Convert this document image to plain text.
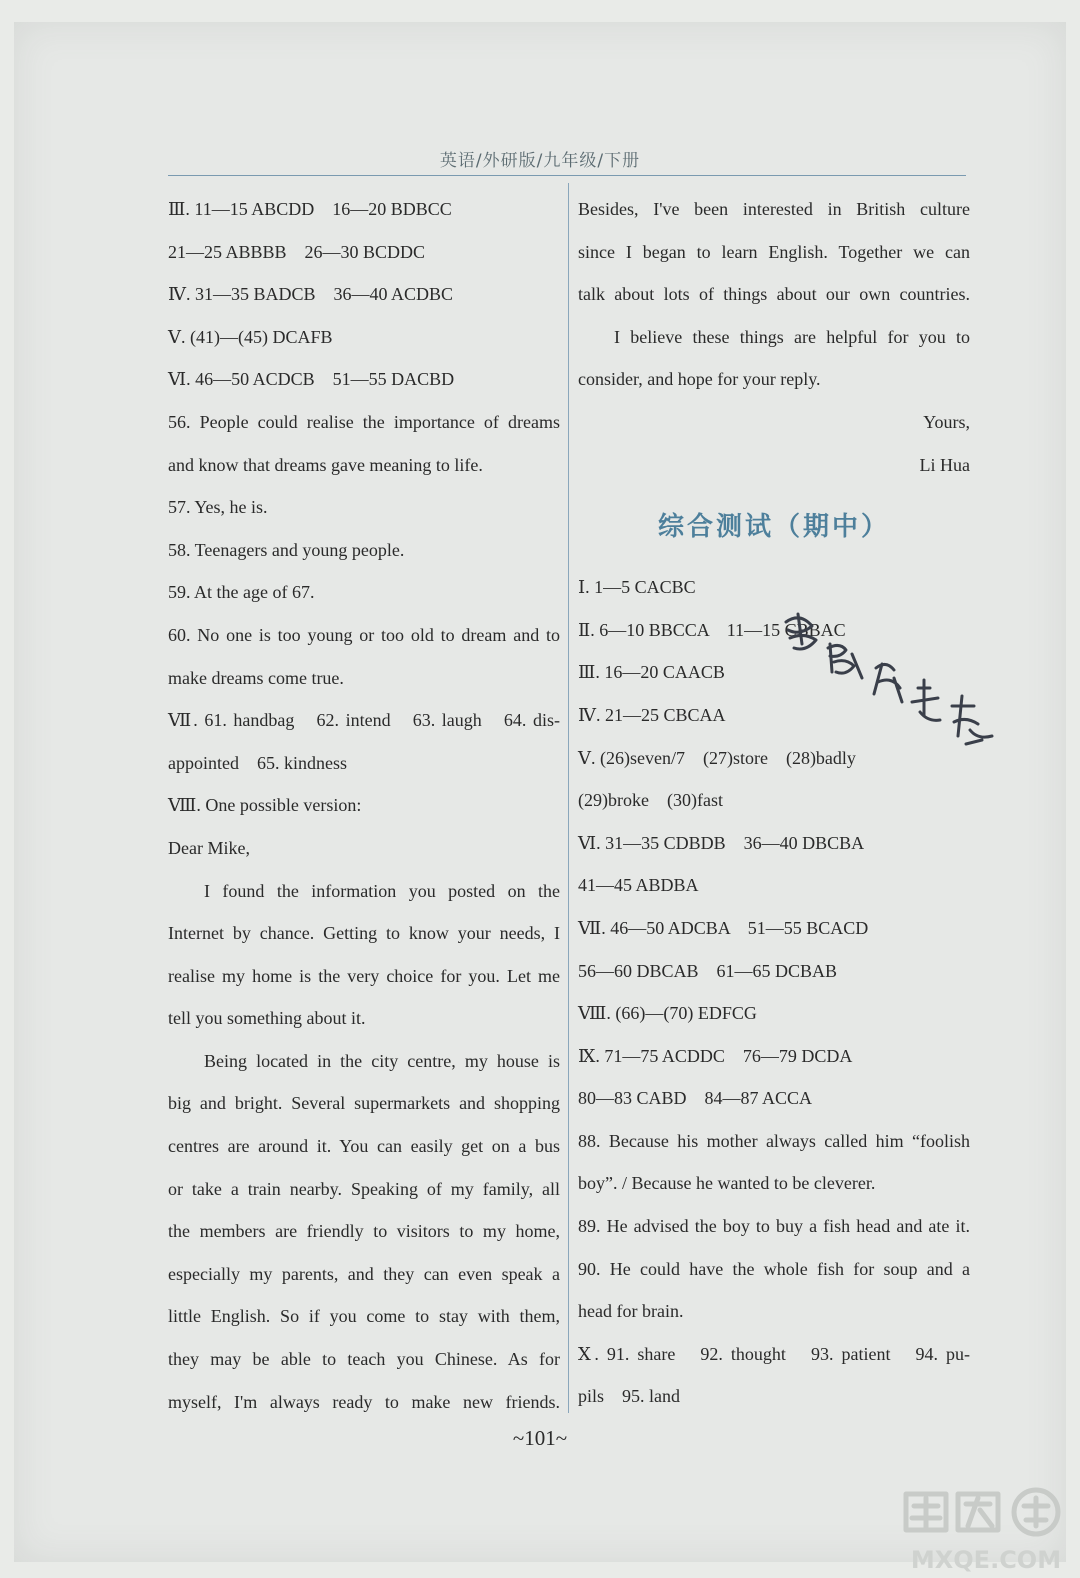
英语/外研版/九年级/下册
Ⅲ. 11—15 ABCDD　16—20 BDBCC
21—25 ABBBB　26—30 BCDDC
Ⅳ. 31—35 BADCB　36—40 ACDBC
Ⅴ. (41)—(45) DCAFB
Ⅵ. 46—50 ACDCB　51—55 DACBD
56. People could realise the importance of dreams
and know that dreams gave meaning to life.
57. Yes, he is.
58. Teenagers and young people.
59. At the age of 67.
60. No one is too young or too old to dream and to
make dreams come true.
Ⅶ. 61. handbag　62. intend　63. laugh　64. dis-
appointed　65. kindness
Ⅷ. One possible version:
Dear Mike,
I found the information you posted on the
Internet by chance. Getting to know your needs, I
realise my home is the very choice for you. Let me
tell you something about it.
Being located in the city centre, my house is
big and bright. Several supermarkets and shopping
centres are around it. You can easily get on a bus
or take a train nearby. Speaking of my family, all
the members are friendly to visitors to my home,
especially my parents, and they can even speak a
little English. So if you come to stay with them,
they may be able to teach you Chinese. As for
myself, I'm always ready to make new friends.
Besides, I've been interested in British culture
since I began to learn English. Together we can
talk about lots of things about our own countries.
I believe these things are helpful for you to
consider, and hope for your reply.
Yours,
Li Hua
综合测试（期中）
Ⅰ. 1—5 CACBC
Ⅱ. 6—10 BBCCA　11—15 CBBAC
Ⅲ. 16—20 CAACB
Ⅳ. 21—25 CBCAA
Ⅴ. (26)seven/7　(27)store　(28)badly
(29)broke　(30)fast
Ⅵ. 31—35 CDBDB　36—40 DBCBA
41—45 ABDBA
Ⅶ. 46—50 ADCBA　51—55 BCACD
56—60 DBCAB　61—65 DCBAB
Ⅷ. (66)—(70) EDFCG
Ⅸ. 71—75 ACDDC　76—79 DCDA
80—83 CABD　84—87 ACCA
88. Because his mother always called him “foolish
boy”. / Because he wanted to be cleverer.
89. He advised the boy to buy a fish head and ate it.
90. He could have the whole fish for soup and a
head for brain.
Ⅹ. 91. share　92. thought　93. patient　94. pu-
pils　95. land
~101~
MXQE.COM
